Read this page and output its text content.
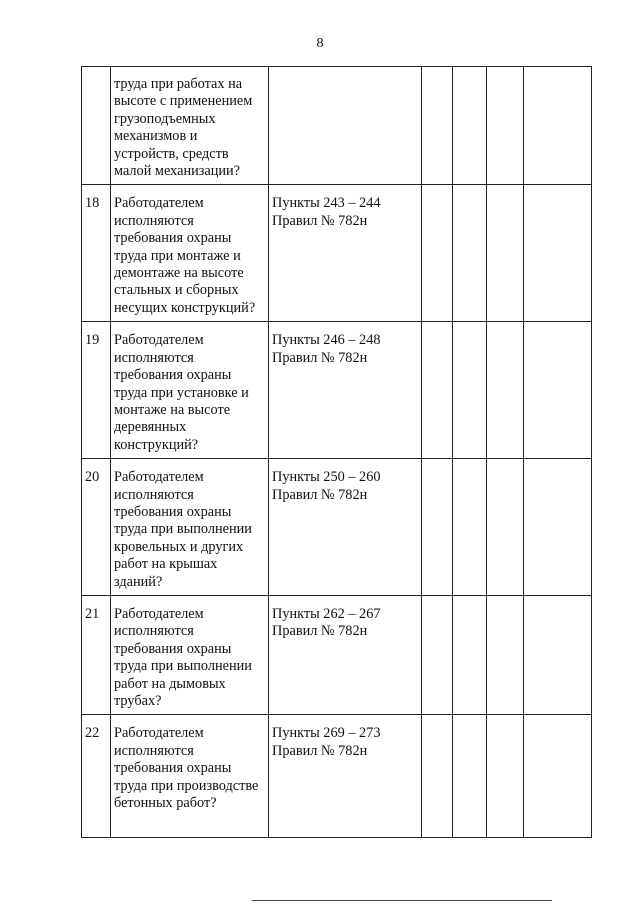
8
	труда при работах на высоте с применением грузоподъемных механизмов и устройств, средств малой механизации?	

18	Работодателем исполняются требования охраны труда при монтаже и демонтаже на высоте стальных и сборных несущих конструкций?	Пункты 243 – 244
Правил № 782н				

19	Работодателем исполняются требования охраны труда при установке и монтаже на высоте деревянных конструкций?	Пункты 246 – 248
Правил № 782н				

20	Работодателем исполняются требования охраны труда при выполнении кровельных и других работ на крышах зданий?	Пункты 250 – 260
Правил № 782н				

21	Работодателем исполняются требования охраны труда при выполнении работ на дымовых трубах?	Пункты 262 – 267
Правил № 782н				

22	Работодателем исполняются требования охраны труда при производстве бетонных работ?	Пункты 269 – 273
Правил № 782н				
